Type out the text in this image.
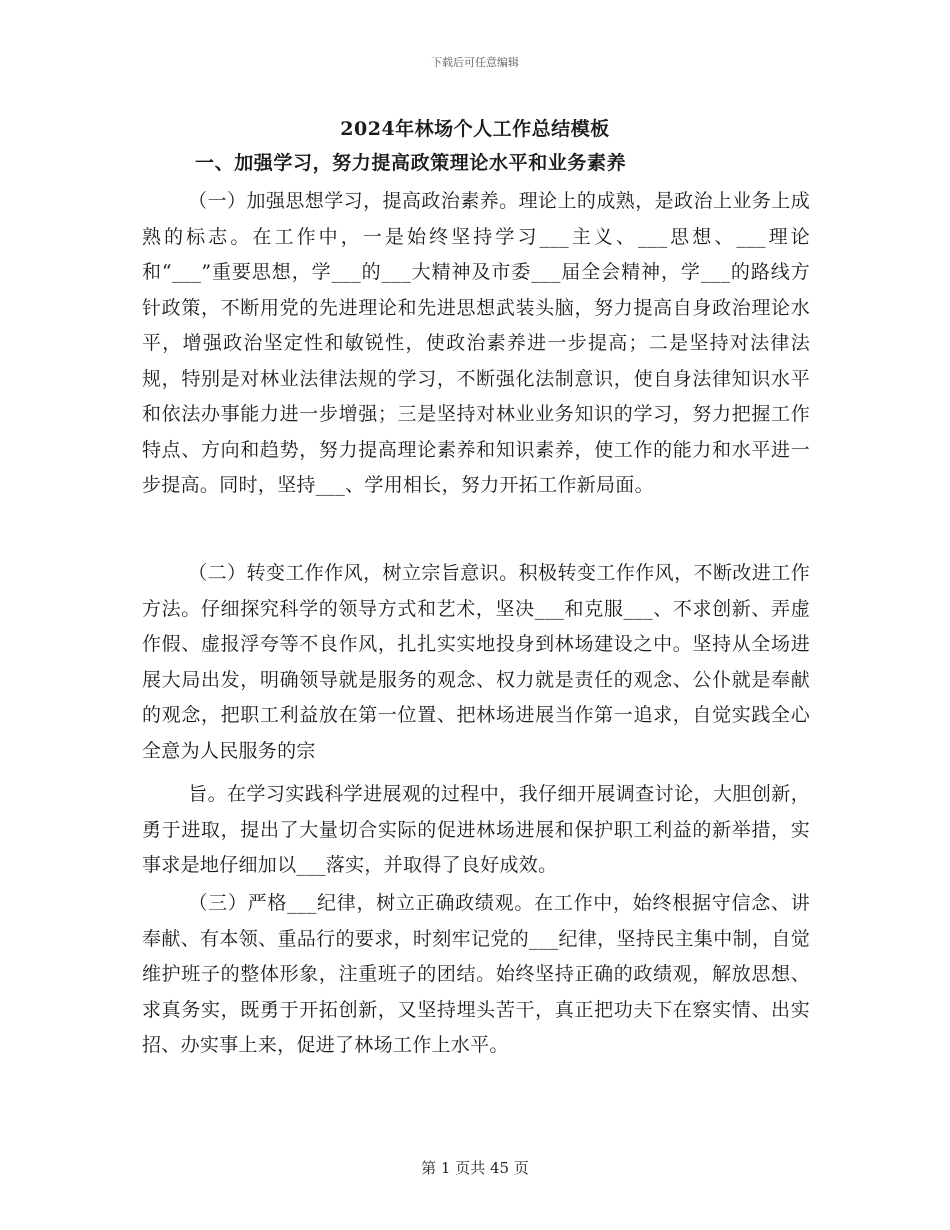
下载后可任意编辑
2024年林场个人工作总结模板
一、加强学习，努力提高政策理论水平和业务素养

（一）加强思想学习，提高政治素养。理论上的成熟，是政治上业务上成熟的标志。在工作中，一是始终坚持学习___主义、___思想、___理论和“___”重要思想，学___的___大精神及市委___届全会精神，学___的路线方针政策，不断用党的先进理论和先进思想武装头脑，努力提高自身政治理论水平，增强政治坚定性和敏锐性，使政治素养进一步提高；二是坚持对法律法规，特别是对林业法律法规的学习，不断强化法制意识，使自身法律知识水平和依法办事能力进一步增强；三是坚持对林业业务知识的学习，努力把握工作特点、方向和趋势，努力提高理论素养和知识素养，使工作的能力和水平进一步提高。同时，坚持___、学用相长，努力开拓工作新局面。

（二）转变工作作风，树立宗旨意识。积极转变工作作风，不断改进工作方法。仔细探究科学的领导方式和艺术，坚决___和克服___、不求创新、弄虚作假、虚报浮夸等不良作风，扎扎实实地投身到林场建设之中。坚持从全场进展大局出发，明确领导就是服务的观念、权力就是责任的观念、公仆就是奉献的观念，把职工利益放在第一位置、把林场进展当作第一追求，自觉实践全心全意为人民服务的宗

旨。在学习实践科学进展观的过程中，我仔细开展调查讨论，大胆创新，勇于进取，提出了大量切合实际的促进林场进展和保护职工利益的新举措，实事求是地仔细加以___落实，并取得了良好成效。

（三）严格___纪律，树立正确政绩观。在工作中，始终根据守信念、讲奉献、有本领、重品行的要求，时刻牢记党的___纪律，坚持民主集中制，自觉维护班子的整体形象，注重班子的团结。始终坚持正确的政绩观，解放思想、求真务实，既勇于开拓创新，又坚持埋头苦干，真正把功夫下在察实情、出实招、办实事上来，促进了林场工作上水平。

第 1 页共 45 页
